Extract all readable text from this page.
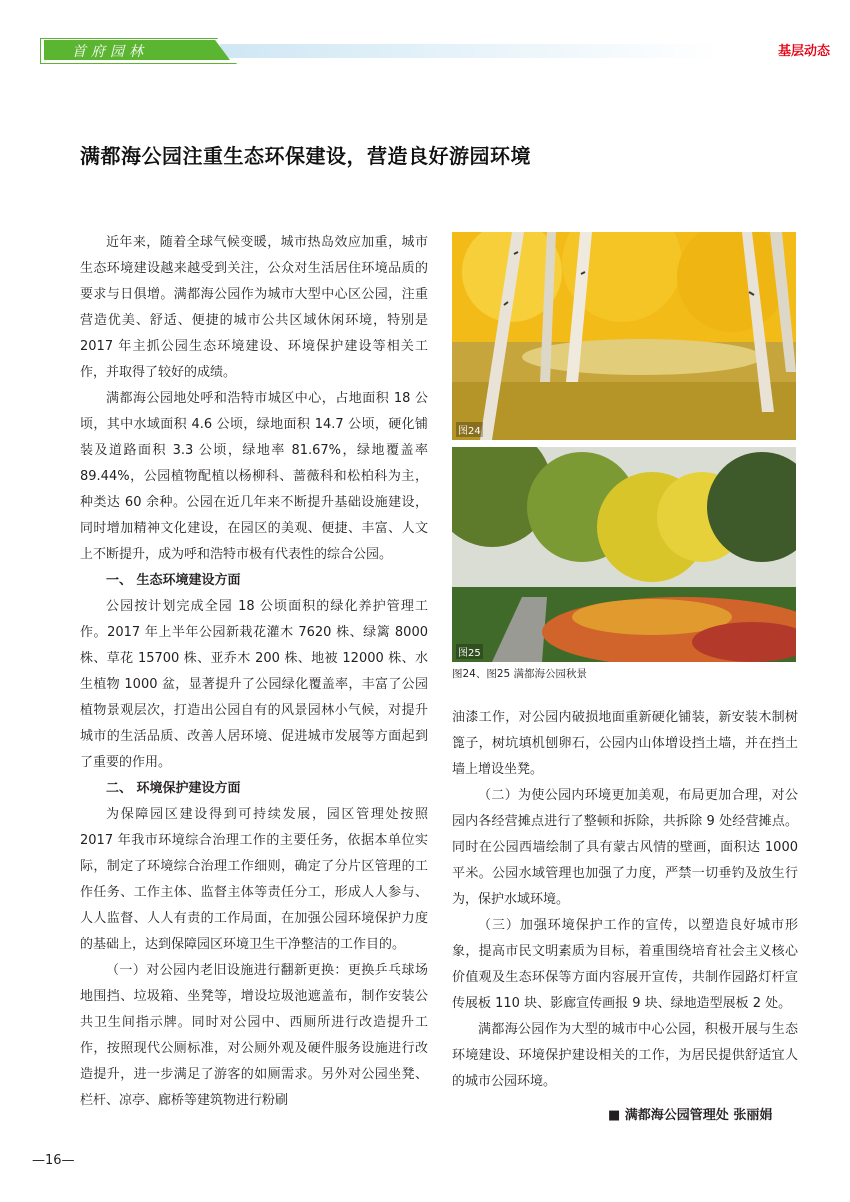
首府园林	基层动态
满都海公园注重生态环保建设，营造良好游园环境

近年来，随着全球气候变暖，城市热岛效应加重，城市生态环境建设越来越受到关注，公众对生活居住环境品质的要求与日俱增。满都海公园作为城市大型中心区公园，注重营造优美、舒适、便捷的城市公共区域休闲环境，特别是 2017 年主抓公园生态环境建设、环境保护建设等相关工作，并取得了较好的成绩。

满都海公园地处呼和浩特市城区中心，占地面积 18 公顷，其中水域面积 4.6 公顷，绿地面积 14.7 公顷，硬化铺装及道路面积 3.3 公顷，绿地率 81.67%，绿地覆盖率 89.44%，公园植物配植以杨柳科、蔷薇科和松柏科为主，种类达 60 余种。公园在近几年来不断提升基础设施建设，同时增加精神文化建设，在园区的美观、便捷、丰富、人文上不断提升，成为呼和浩特市极有代表性的综合公园。

一、 生态环境建设方面

公园按计划完成全园 18 公顷面积的绿化养护管理工作。2017 年上半年公园新栽花灌木 7620 株、绿篱 8000 株、草花 15700 株、亚乔木 200 株、地被 12000 株、水生植物 1000 盆，显著提升了公园绿化覆盖率，丰富了公园植物景观层次，打造出公园自有的风景园林小气候，对提升城市的生活品质、改善人居环境、促进城市发展等方面起到了重要的作用。

二、 环境保护建设方面

为保障园区建设得到可持续发展，园区管理处按照 2017 年我市环境综合治理工作的主要任务，依据本单位实际，制定了环境综合治理工作细则，确定了分片区管理的工作任务、工作主体、监督主体等责任分工，形成人人参与、人人监督、人人有责的工作局面，在加强公园环境保护力度的基础上，达到保障园区环境卫生干净整洁的工作目的。

（一）对公园内老旧设施进行翻新更换：更换乒乓球场地围挡、垃圾箱、坐凳等，增设垃圾池遮盖布，制作安装公共卫生间指示牌。同时对公园中、西厕所进行改造提升工作，按照现代公厕标准，对公厕外观及硬件服务设施进行改造提升，进一步满足了游客的如厕需求。另外对公园坐凳、栏杆、凉亭、廊桥等建筑物进行粉刷

图24
图25
图24、图25 满都海公园秋景

油漆工作，对公园内破损地面重新硬化铺装，新安装木制树篦子，树坑填机刨卵石，公园内山体增设挡土墙，并在挡土墙上增设坐凳。

（二）为使公园内环境更加美观，布局更加合理，对公园内各经营摊点进行了整顿和拆除，共拆除 9 处经营摊点。同时在公园西墙绘制了具有蒙古风情的壁画，面积达 1000 平米。公园水域管理也加强了力度，严禁一切垂钓及放生行为，保护水域环境。

（三）加强环境保护工作的宣传，以塑造良好城市形象，提高市民文明素质为目标，着重围绕培育社会主义核心价值观及生态环保等方面内容展开宣传，共制作园路灯杆宣传展板 110 块、影廊宣传画报 9 块、绿地造型展板 2 处。

满都海公园作为大型的城市中心公园，积极开展与生态环境建设、环境保护建设相关的工作，为居民提供舒适宜人的城市公园环境。

■ 满都海公园管理处 张丽娟
—16—
